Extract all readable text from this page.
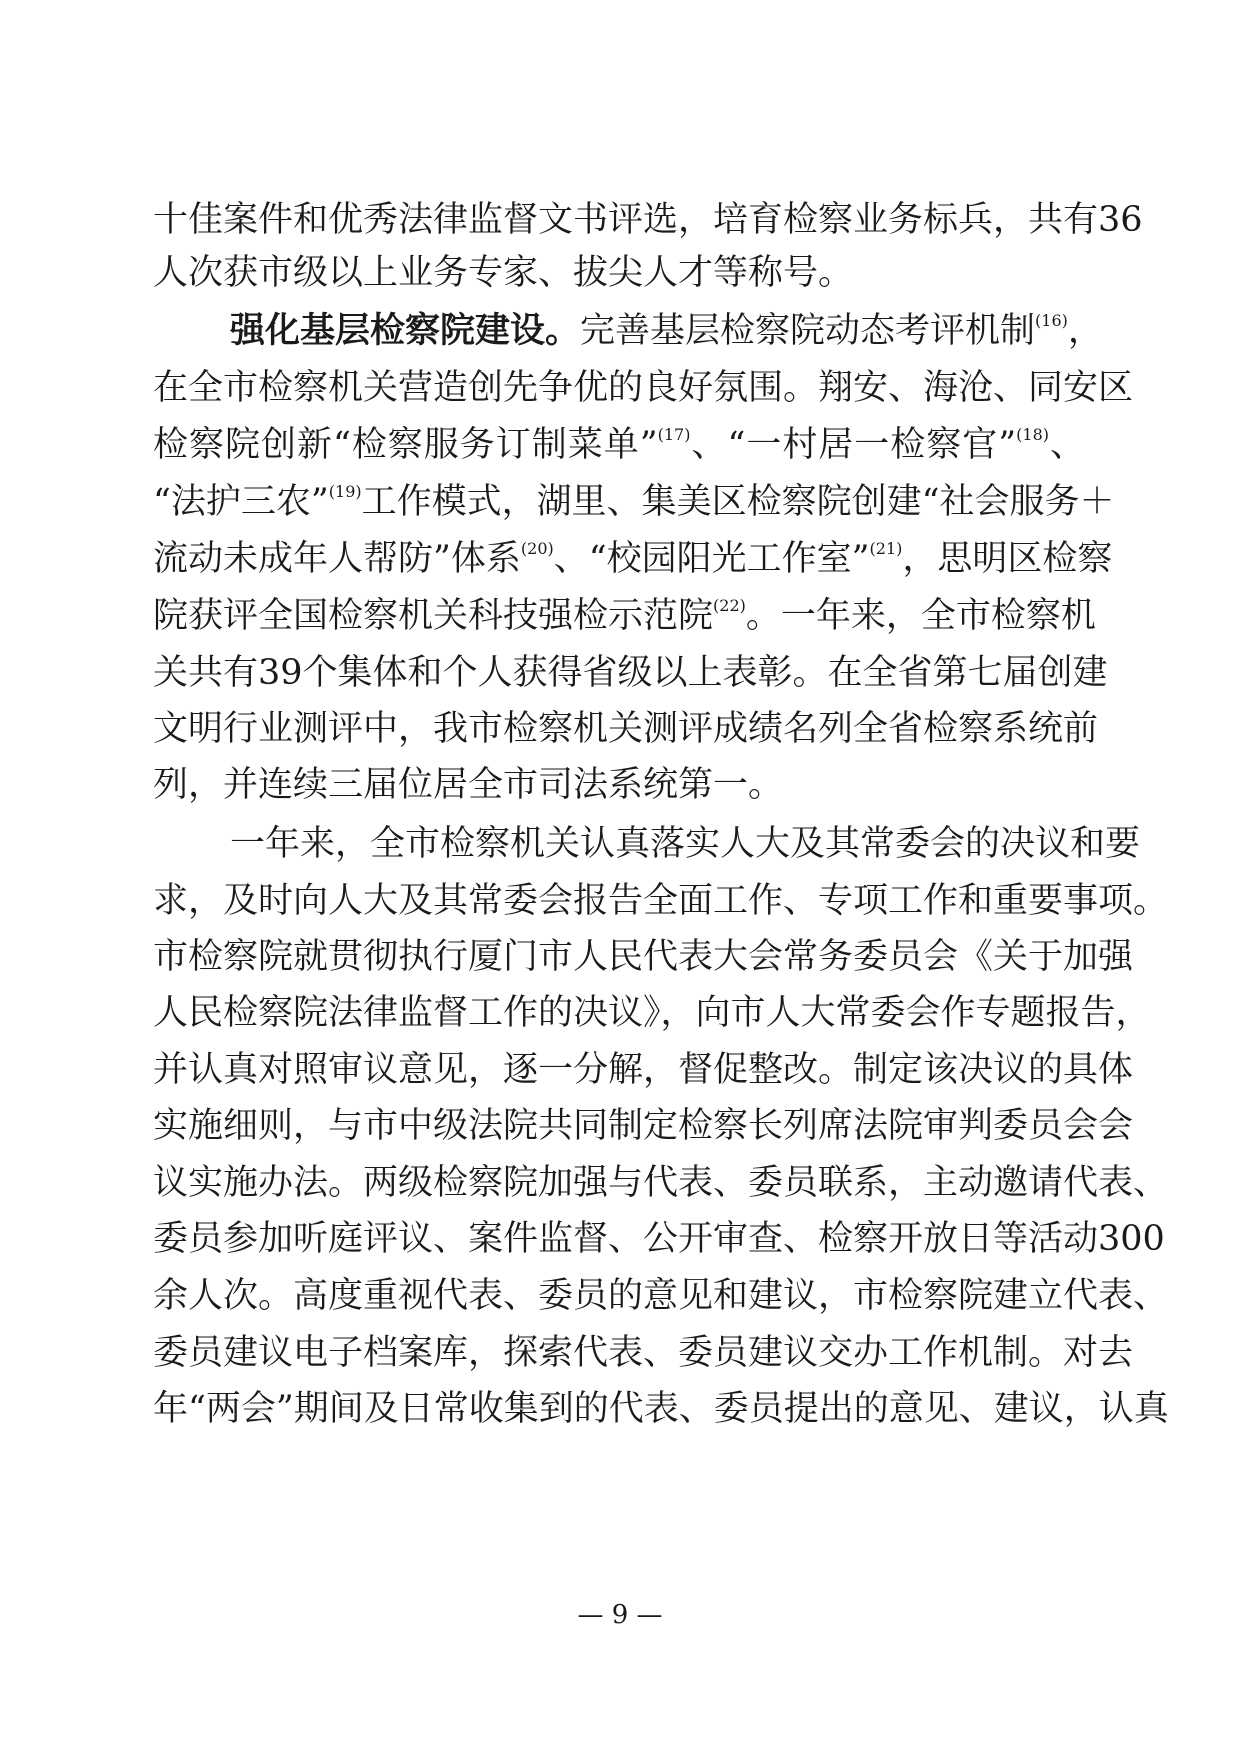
十佳案件和优秀法律监督文书评选，培育检察业务标兵，共有36
人次获市级以上业务专家、拔尖人才等称号。
强化基层检察院建设。完善基层检察院动态考评机制$^{(16)}$，
在全市检察机关营造创先争优的良好氛围。翔安、海沧、同安区
检察院创新“检察服务订制菜单”$^{(17)}$、“一村居一检察官”$^{(18)}$、
“法护三农”$^{(19)}$工作模式，湖里、集美区检察院创建“社会服务＋
流动未成年人帮防”体系$^{(20)}$、“校园阳光工作室”$^{(21)}$，思明区检察
院获评全国检察机关科技强检示范院$^{(22)}$。一年来，全市检察机
关共有39个集体和个人获得省级以上表彰。在全省第七届创建
文明行业测评中，我市检察机关测评成绩名列全省检察系统前
列，并连续三届位居全市司法系统第一。
一年来，全市检察机关认真落实人大及其常委会的决议和要
求，及时向人大及其常委会报告全面工作、专项工作和重要事项。
市检察院就贯彻执行厦门市人民代表大会常务委员会《关于加强
人民检察院法律监督工作的决议》，向市人大常委会作专题报告，
并认真对照审议意见，逐一分解，督促整改。制定该决议的具体
实施细则，与市中级法院共同制定检察长列席法院审判委员会会
议实施办法。两级检察院加强与代表、委员联系，主动邀请代表、
委员参加听庭评议、案件监督、公开审查、检察开放日等活动300
余人次。高度重视代表、委员的意见和建议，市检察院建立代表、
委员建议电子档案库，探索代表、委员建议交办工作机制。对去
年“两会”期间及日常收集到的代表、委员提出的意见、建议，认真
— 9 —
